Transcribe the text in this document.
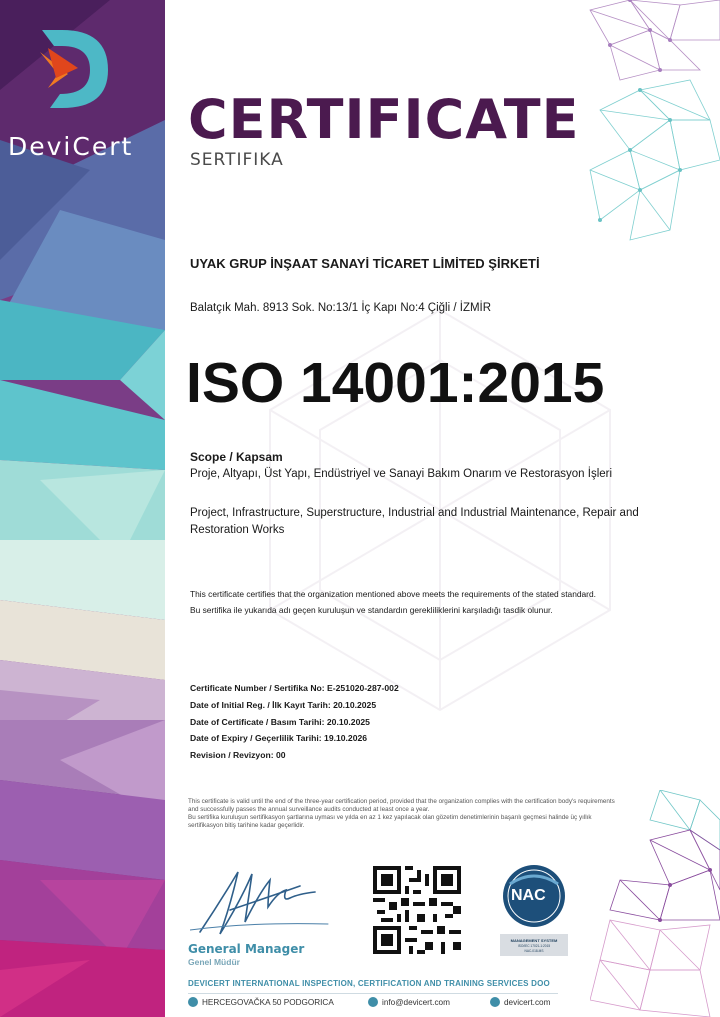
DeviCert CERTIFICATE
SERTIFIKA
UYAK GRUP İNŞAAT SANAYİ TİCARET LİMİTED ŞİRKETİ
Balatçık Mah. 8913 Sok. No:13/1 İç Kapı No:4 Çiğli / İZMİR
ISO 14001:2015
Scope / Kapsam
Proje, Altyapı, Üst Yapı, Endüstriyel ve Sanayi Bakım Onarım ve Restorasyon İşleri
Project, Infrastructure, Superstructure, Industrial and Industrial Maintenance, Repair and Restoration Works
This certificate certifies that the organization mentioned above meets the requirements of the stated standard.
Bu sertifika ile yukarıda adı geçen kuruluşun ve standardın gerekliliklerini karşıladığı tasdik olunur.
Certificate Number / Sertifika No: E-251020-287-002
Date of Initial Reg. / İlk Kayıt Tarih: 20.10.2025
Date of Certificate / Basım Tarihi: 20.10.2025
Date of Expiry / Geçerlilik Tarihi: 19.10.2026
Revision / Revizyon: 00

This certificate is valid until the end of the three-year certification period, provided that the organization complies with the certification body's requirements and successfully passes the annual surveillance audits conducted at least once a year.

Bu sertifika kuruluşun sertifikasyon şartlarına uyması ve yılda en az 1 kez yapılacak olan gözetim denetimlerinin başarılı geçmesi halinde üç yıllık sertifikasyon bitiş tarihine kadar geçerlidir.

General Manager
Genel Müdür
NAC
MANAGEMENT SYSTEM
ISO/IEC 17021-1:2015
NAC-018-MS
DEVICERT INTERNATIONAL INSPECTION, CERTIFICATION AND TRAINING SERVICES DOO
HERCEGOVAČKA 50 PODGORICA	info@devicert.com	devicert.com
